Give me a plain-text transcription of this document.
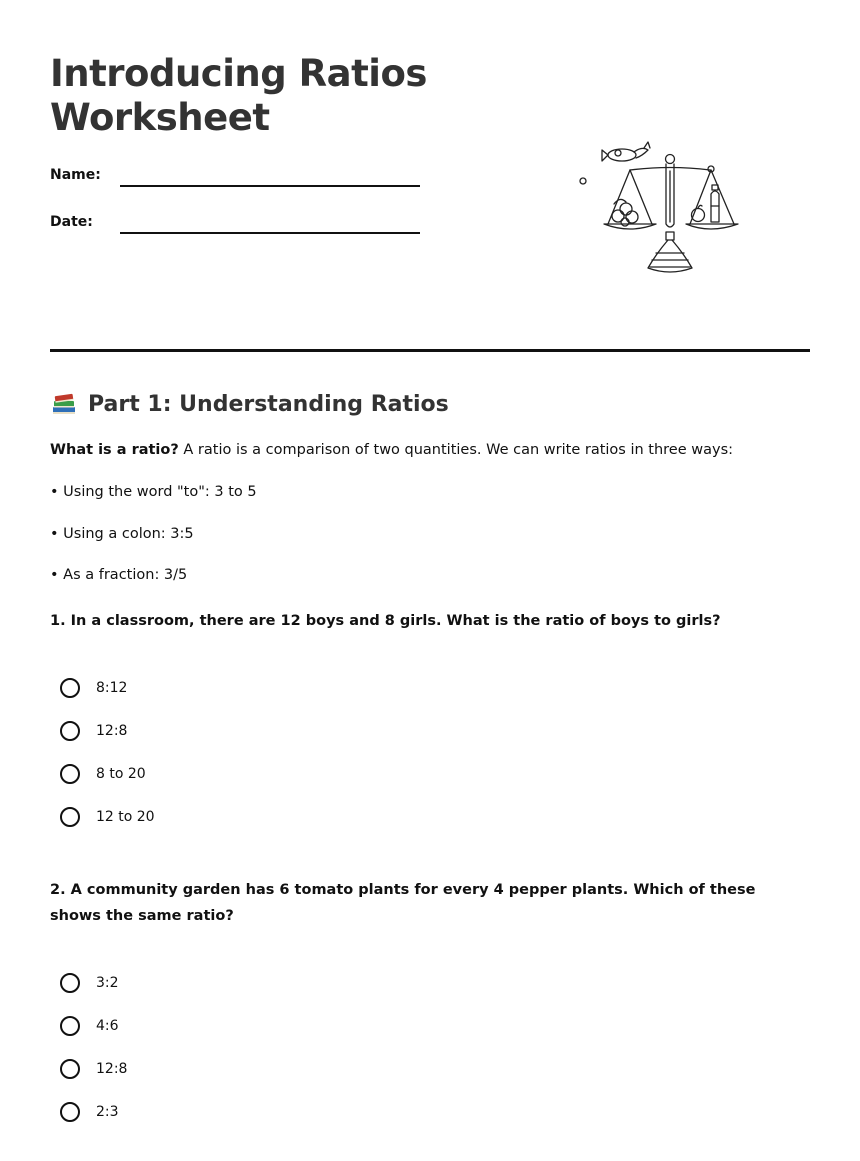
Introducing Ratios
Worksheet
Name:
Date:
Part 1: Understanding Ratios

What is a ratio? A ratio is a comparison of two quantities. We can write ratios in three ways:

• Using the word "to": 3 to 5

• Using a colon: 3:5

• As a fraction: 3/5

1. In a classroom, there are 12 boys and 8 girls. What is the ratio of boys to girls?

8:12
12:8
8 to 20
12 to 20

2. A community garden has 6 tomato plants for every 4 pepper plants. Which of these shows the same ratio?

3:2
4:6
12:8
2:3
